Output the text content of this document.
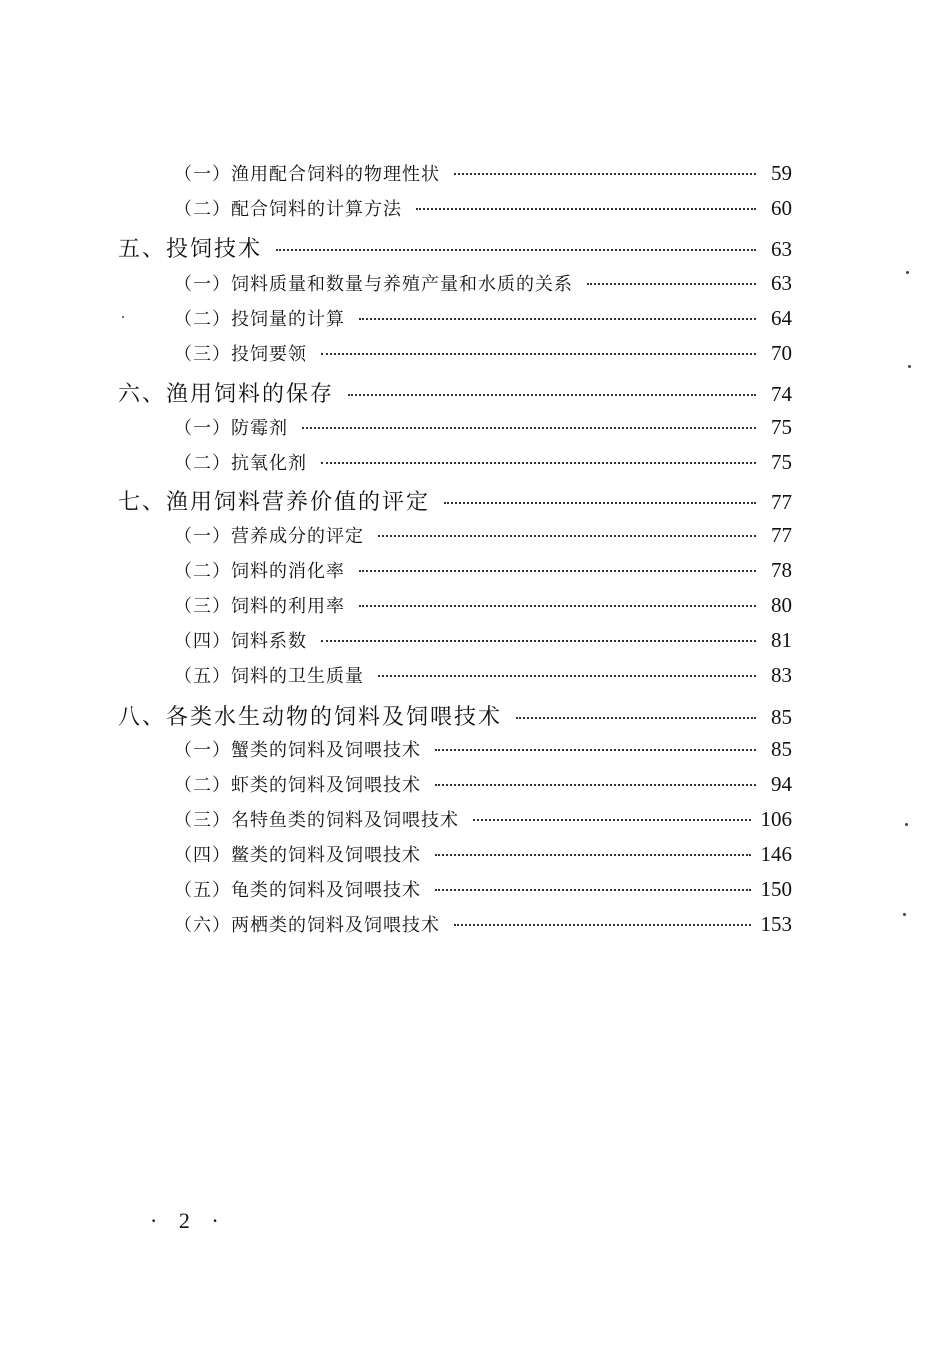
（一）渔用配合饲料的物理性状	59
（二）配合饲料的计算方法	60
五、投饲技术	63
（一）饲料质量和数量与养殖产量和水质的关系	63
（二）投饲量的计算	64
（三）投饲要领	70
六、渔用饲料的保存	74
（一）防霉剂	75
（二）抗氧化剂	75
七、渔用饲料营养价值的评定	77
（一）营养成分的评定	77
（二）饲料的消化率	78
（三）饲料的利用率	80
（四）饲料系数	81
（五）饲料的卫生质量	83
八、各类水生动物的饲料及饲喂技术	85
（一）蟹类的饲料及饲喂技术	85
（二）虾类的饲料及饲喂技术	94
（三）名特鱼类的饲料及饲喂技术	106
（四）鳖类的饲料及饲喂技术	146
（五）龟类的饲料及饲喂技术	150
（六）两栖类的饲料及饲喂技术	153
· 2 ·
